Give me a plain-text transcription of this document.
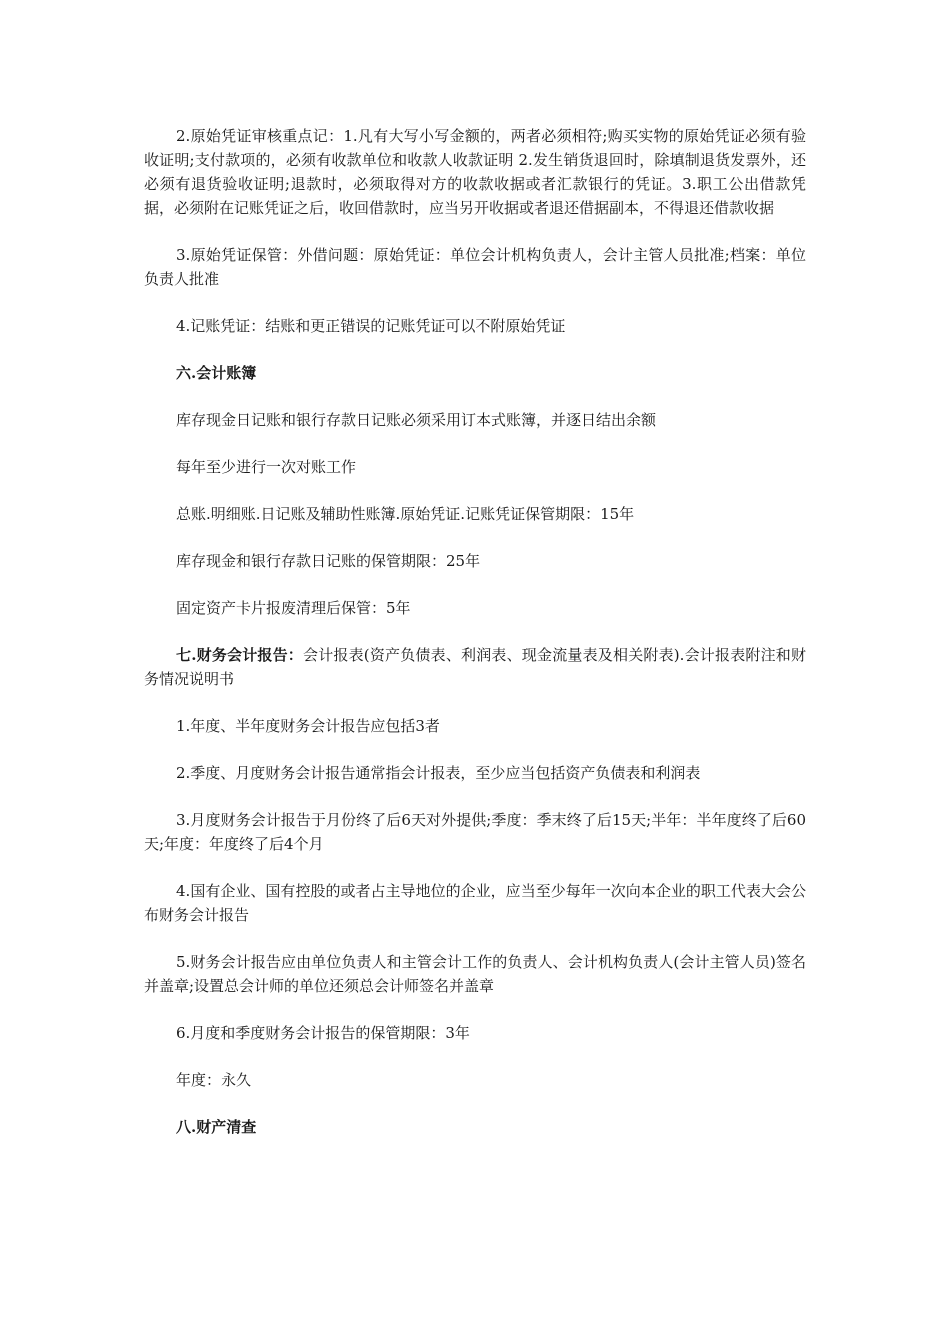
2.原始凭证审核重点记：1.凡有大写小写金额的，两者必须相符;购买实物的原始凭证必须有验收证明;支付款项的，必须有收款单位和收款人收款证明 2.发生销货退回时，除填制退货发票外，还必须有退货验收证明;退款时，必须取得对方的收款收据或者汇款银行的凭证。3.职工公出借款凭据，必须附在记账凭证之后，收回借款时，应当另开收据或者退还借据副本，不得退还借款收据

3.原始凭证保管：外借问题：原始凭证：单位会计机构负责人，会计主管人员批准;档案：单位负责人批准

4.记账凭证：结账和更正错误的记账凭证可以不附原始凭证

六.会计账簿

库存现金日记账和银行存款日记账必须采用订本式账簿，并逐日结出余额

每年至少进行一次对账工作

总账.明细账.日记账及辅助性账簿.原始凭证.记账凭证保管期限：15年

库存现金和银行存款日记账的保管期限：25年

固定资产卡片报废清理后保管：5年

七.财务会计报告：会计报表(资产负债表、利润表、现金流量表及相关附表).会计报表附注和财务情况说明书

1.年度、半年度财务会计报告应包括3者

2.季度、月度财务会计报告通常指会计报表，至少应当包括资产负债表和利润表

3.月度财务会计报告于月份终了后6天对外提供;季度：季末终了后15天;半年：半年度终了后60天;年度：年度终了后4个月

4.国有企业、国有控股的或者占主导地位的企业，应当至少每年一次向本企业的职工代表大会公布财务会计报告

5.财务会计报告应由单位负责人和主管会计工作的负责人、会计机构负责人(会计主管人员)签名并盖章;设置总会计师的单位还须总会计师签名并盖章

6.月度和季度财务会计报告的保管期限：3年

年度：永久

八.财产清查
